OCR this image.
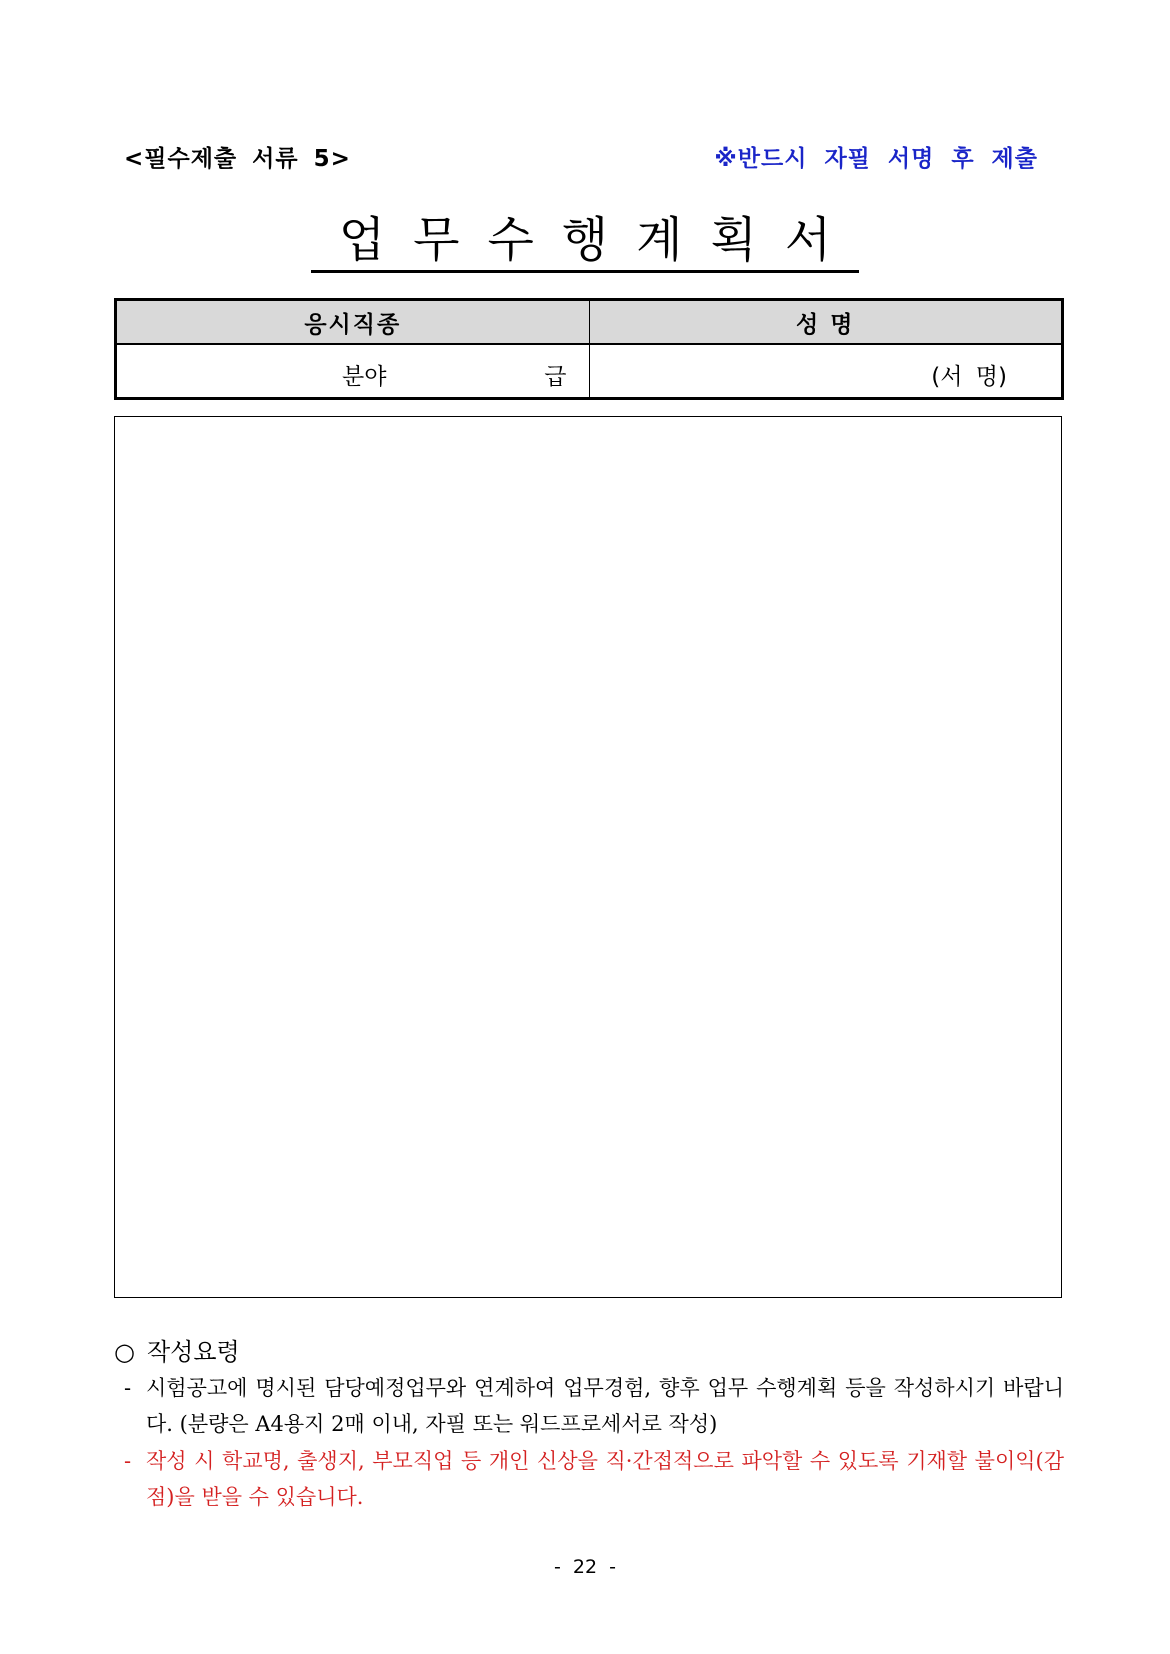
<필수제출 서류 5>	※반드시 자필 서명 후 제출
업무수행계획서
응시직종	성 명

분야 급	(서 명)
○ 작성요령
- 시험공고에 명시된 담당예정업무와 연계하여 업무경험, 향후 업무 수행계획 등을 작성하시기 바랍니다. (분량은 A4용지 2매 이내, 자필 또는 워드프로세서로 작성)
- 작성 시 학교명, 출생지, 부모직업 등 개인 신상을 직·간접적으로 파악할 수 있도록 기재할 불이익(감점)을 받을 수 있습니다.
- 22 -
